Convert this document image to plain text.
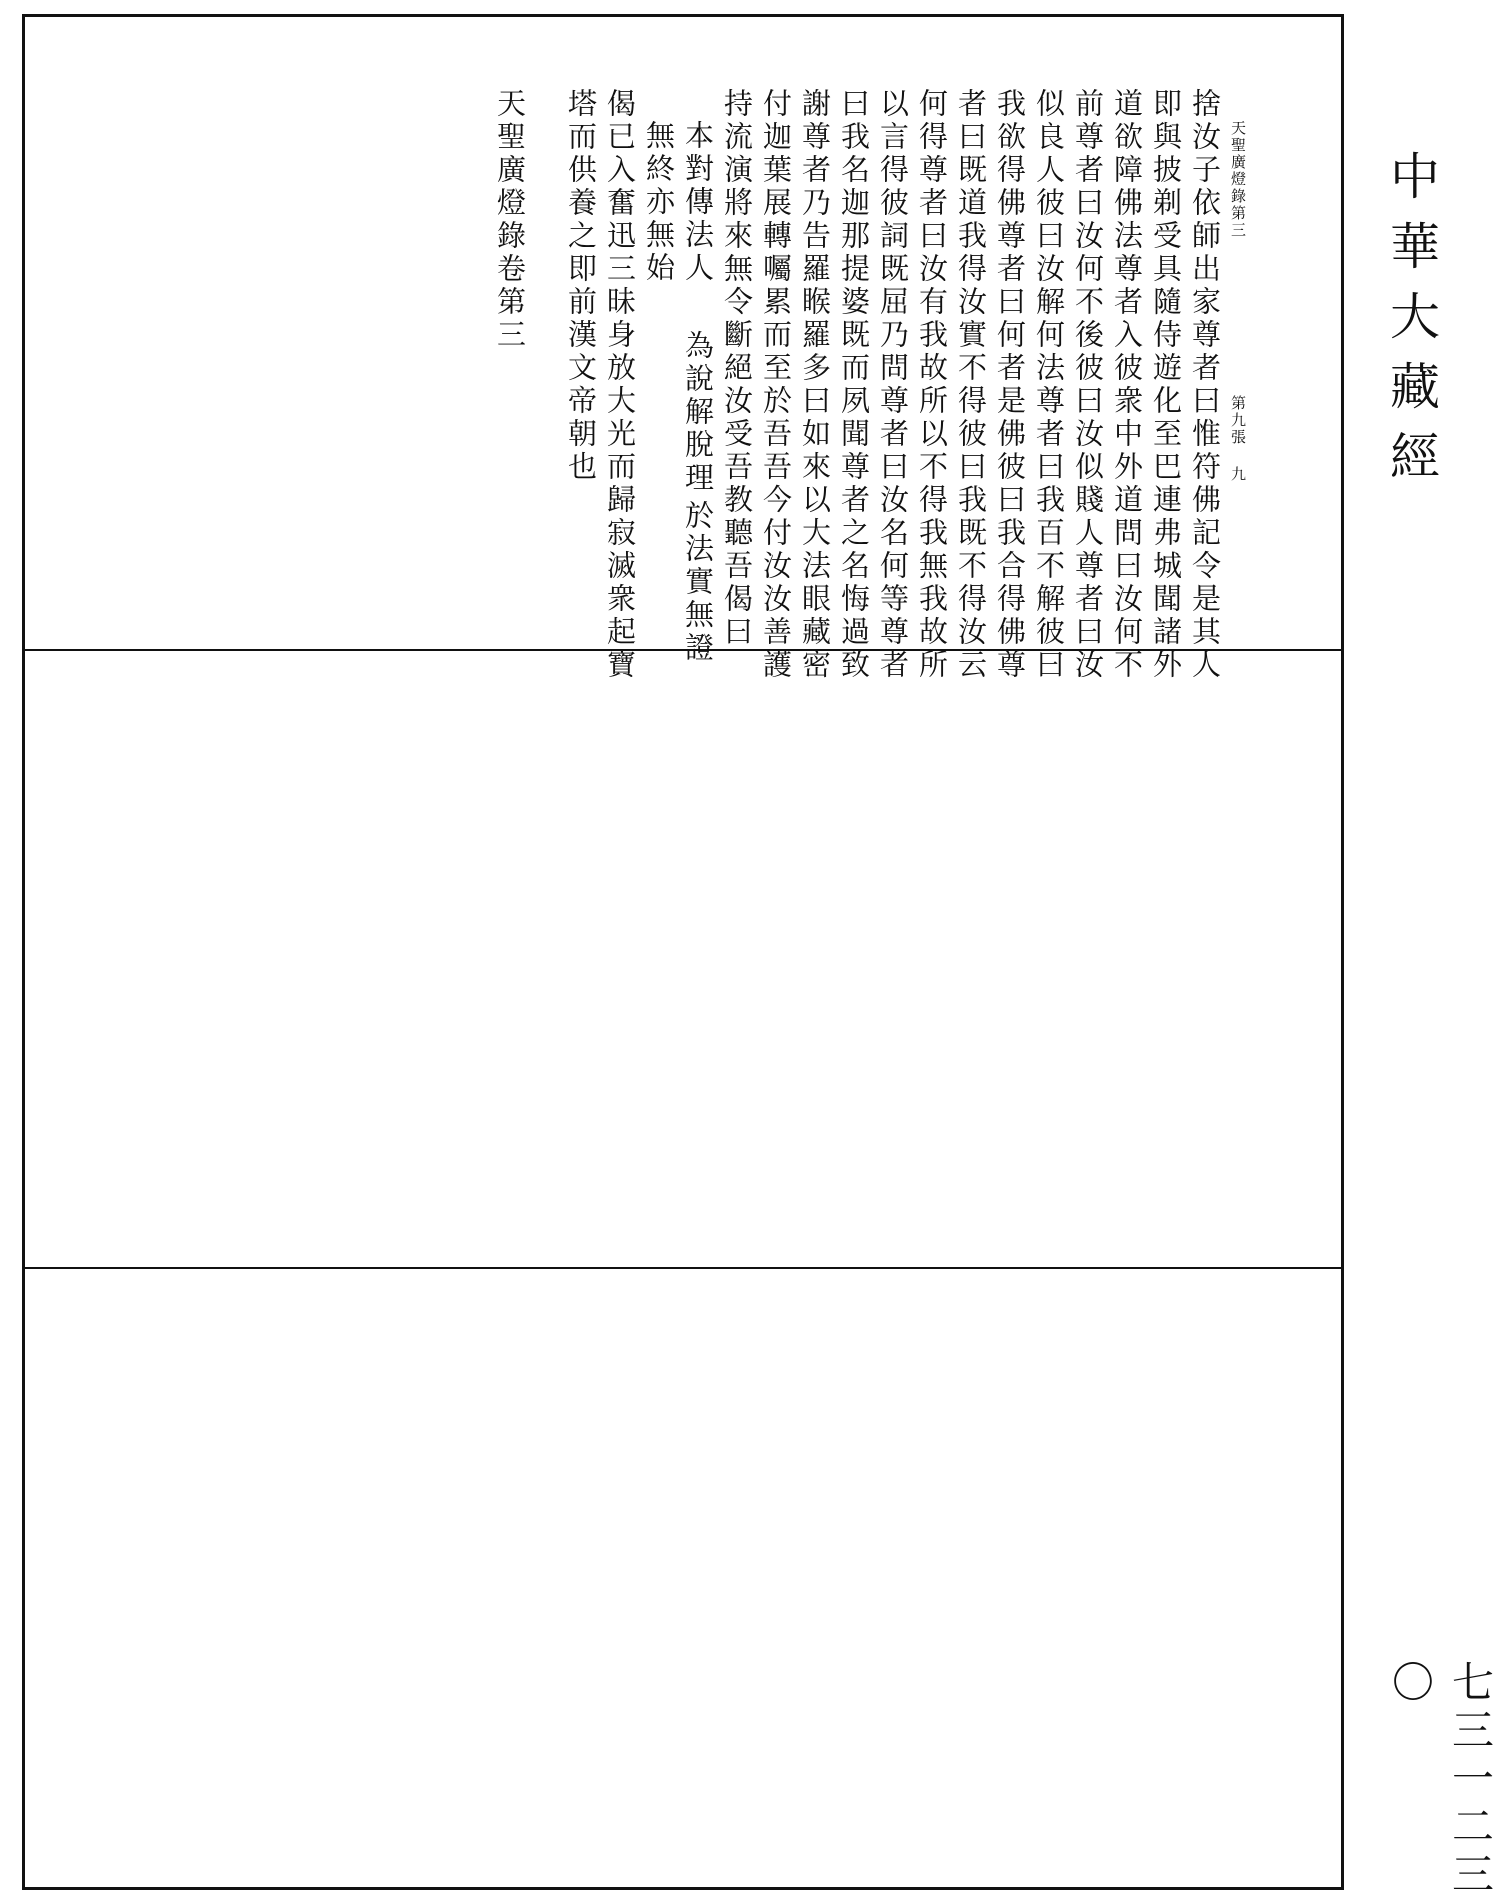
天聖廣燈錄第三
第九張 九
捨汝子依師出家尊者曰惟符佛記令是其人
即與披剃受具隨侍遊化至巴連弗城聞諸外
道欲障佛法尊者入彼衆中外道問曰汝何不
前尊者曰汝何不後彼曰汝似賤人尊者曰汝
似良人彼曰汝解何法尊者曰我百不解彼曰
我欲得佛尊者曰何者是佛彼曰我合得佛尊
者曰既道我得汝實不得彼曰我既不得汝云
何得尊者曰汝有我故所以不得我無我故所
以言得彼詞既屈乃問尊者曰汝名何等尊者
曰我名迦那提婆既而夙聞尊者之名悔過致
謝尊者乃告羅睺羅多曰如來以大法眼藏密
付迦葉展轉囑累而至於吾吾今付汝汝善護
持流演將來無令斷絕汝受吾教聽吾偈曰
本對傳法人
為說解脫理
於法實無證
無終亦無始
偈已入奮迅三昧身放大光而歸寂滅衆起寶
塔而供養之即前漢文帝朝也
天聖廣燈錄卷第三	中華大藏經
七三一二三〇
